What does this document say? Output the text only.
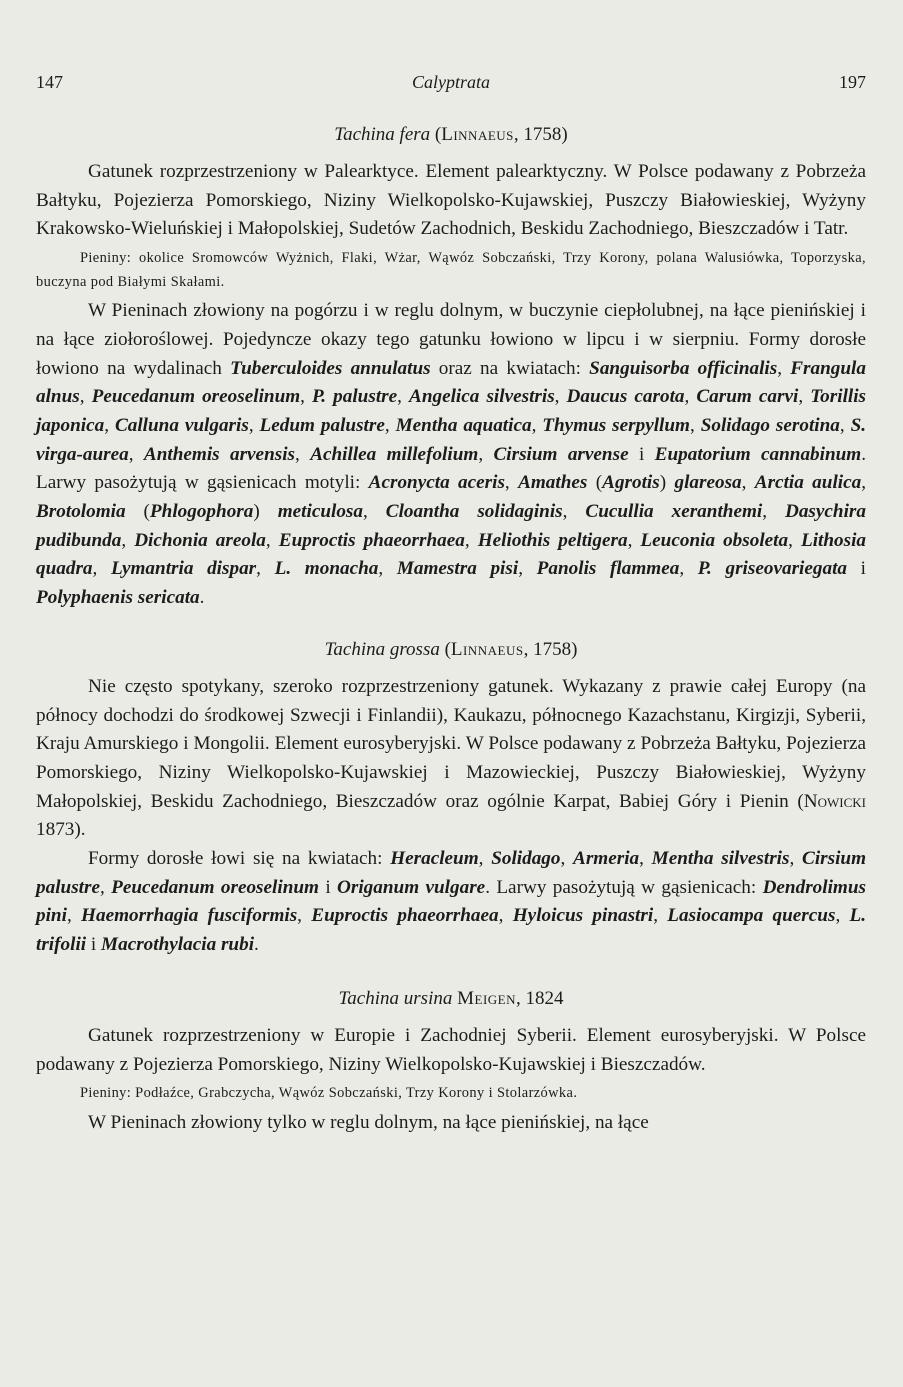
147	Calyptrata	197
Tachina fera (Linnaeus, 1758)

Gatunek rozprzestrzeniony w Palearktyce. Element palearktyczny. W Polsce podawany z Pobrzeża Bałtyku, Pojezierza Pomorskiego, Niziny Wielkopolsko-Kujawskiej, Puszczy Białowieskiej, Wyżyny Krakowsko-Wieluńskiej i Małopolskiej, Sudetów Zachodnich, Beskidu Zachodniego, Bieszczadów i Tatr.

Pieniny: okolice Sromowców Wyżnich, Flaki, Wżar, Wąwóz Sobczański, Trzy Korony, polana Walusiówka, Toporzyska, buczyna pod Białymi Skałami.

W Pieninach złowiony na pogórzu i w reglu dolnym, w buczynie ciepłolubnej, na łące pienińskiej i na łące ziołoroślowej. Pojedyncze okazy tego gatunku łowiono w lipcu i w sierpniu. Formy dorosłe łowiono na wydalinach Tuberculoides annulatus oraz na kwiatach: Sanguisorba officinalis, Frangula alnus, Peucedanum oreoselinum, P. palustre, Angelica silvestris, Daucus carota, Carum carvi, Torillis japonica, Calluna vulgaris, Ledum palustre, Mentha aquatica, Thymus serpyllum, Solidago serotina, S. virga-aurea, Anthemis arvensis, Achillea millefolium, Cirsium arvense i Eupatorium cannabinum. Larwy pasożytują w gąsienicach motyli: Acronycta aceris, Amathes (Agrotis) glareosa, Arctia aulica, Brotolomia (Phlogophora) meticulosa, Cloantha solidaginis, Cucullia xeranthemi, Dasychira pudibunda, Dichonia areola, Euproctis phaeorrhaea, Heliothis peltigera, Leuconia obsoleta, Lithosia quadra, Lymantria dispar, L. monacha, Mamestra pisi, Panolis flammea, P. griseovariegata i Polyphaenis sericata.

Tachina grossa (Linnaeus, 1758)

Nie często spotykany, szeroko rozprzestrzeniony gatunek. Wykazany z prawie całej Europy (na północy dochodzi do środkowej Szwecji i Finlandii), Kaukazu, północnego Kazachstanu, Kirgizji, Syberii, Kraju Amurskiego i Mongolii. Element eurosyberyjski. W Polsce podawany z Pobrzeża Bałtyku, Pojezierza Pomorskiego, Niziny Wielkopolsko-Kujawskiej i Mazowieckiej, Puszczy Białowieskiej, Wyżyny Małopolskiej, Beskidu Zachodniego, Bieszczadów oraz ogólnie Karpat, Babiej Góry i Pienin (Nowicki 1873).

Formy dorosłe łowi się na kwiatach: Heracleum, Solidago, Armeria, Mentha silvestris, Cirsium palustre, Peucedanum oreoselinum i Origanum vulgare. Larwy pasożytują w gąsienicach: Dendrolimus pini, Haemorrhagia fusciformis, Euproctis phaeorrhaea, Hyloicus pinastri, Lasiocampa quercus, L. trifolii i Macrothylacia rubi.

Tachina ursina Meigen, 1824

Gatunek rozprzestrzeniony w Europie i Zachodniej Syberii. Element eurosyberyjski. W Polsce podawany z Pojezierza Pomorskiego, Niziny Wielkopolsko-Kujawskiej i Bieszczadów.

Pieniny: Podłaźce, Grabczycha, Wąwóz Sobczański, Trzy Korony i Stolarzówka.

W Pieninach złowiony tylko w reglu dolnym, na łące pienińskiej, na łące
